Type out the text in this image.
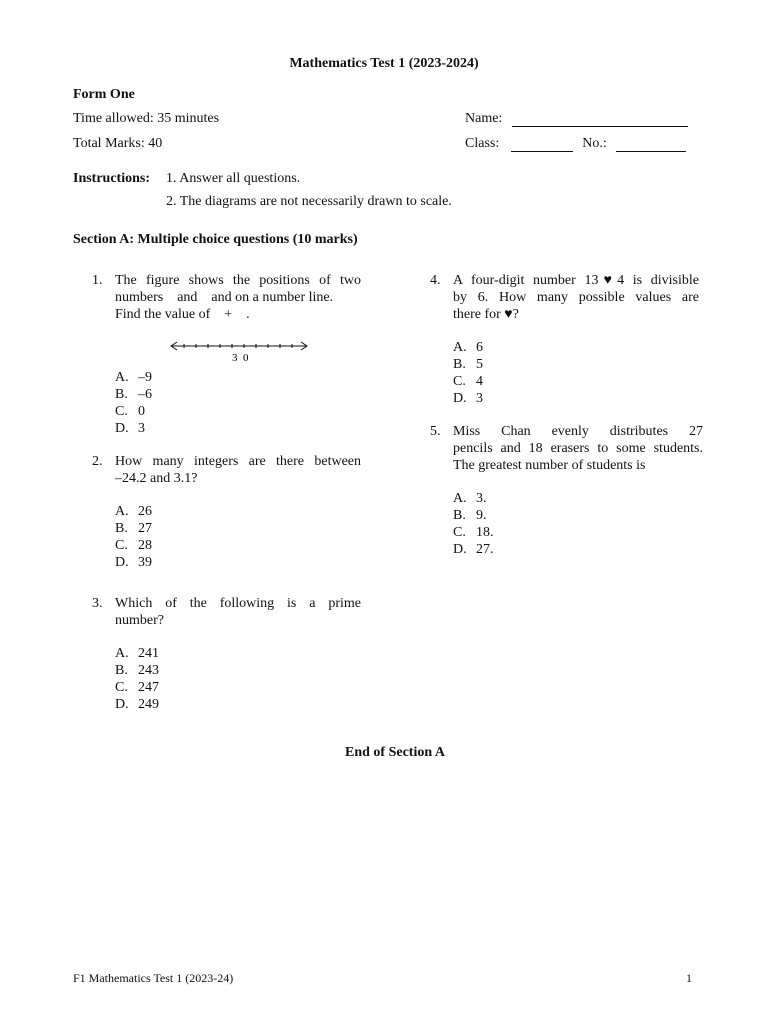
Mathematics Test 1 (2023-2024)
Form One
Time allowed: 35 minutes
Total Marks: 40
Name:
Class:	No.:
Instructions: 1. Answer all questions.
2. The diagrams are not necessarily drawn to scale.
Section A: Multiple choice questions (10 marks)
1. The figure shows the positions of two
numbers    and    and on a number line.
Find the value of    +    .
3  0
A. –9
B. –6
C. 0
D. 3
2. How many integers are there between
–24.2 and 3.1?
A. 26
B. 27
C. 28
D. 39
3. Which of the following is a prime
number?
A. 241
B. 243
C. 247
D. 249
4. A four-digit number 13♥4 is divisible
by 6. How many possible values are
there for ♥?
A. 6
B. 5
C. 4
D. 3
5. Miss Chan evenly distributes 27
pencils and 18 erasers to some students.
The greatest number of students is
A. 3.
B. 9.
C. 18.
D. 27.
End of Section A
F1 Mathematics Test 1 (2023-24)	1
